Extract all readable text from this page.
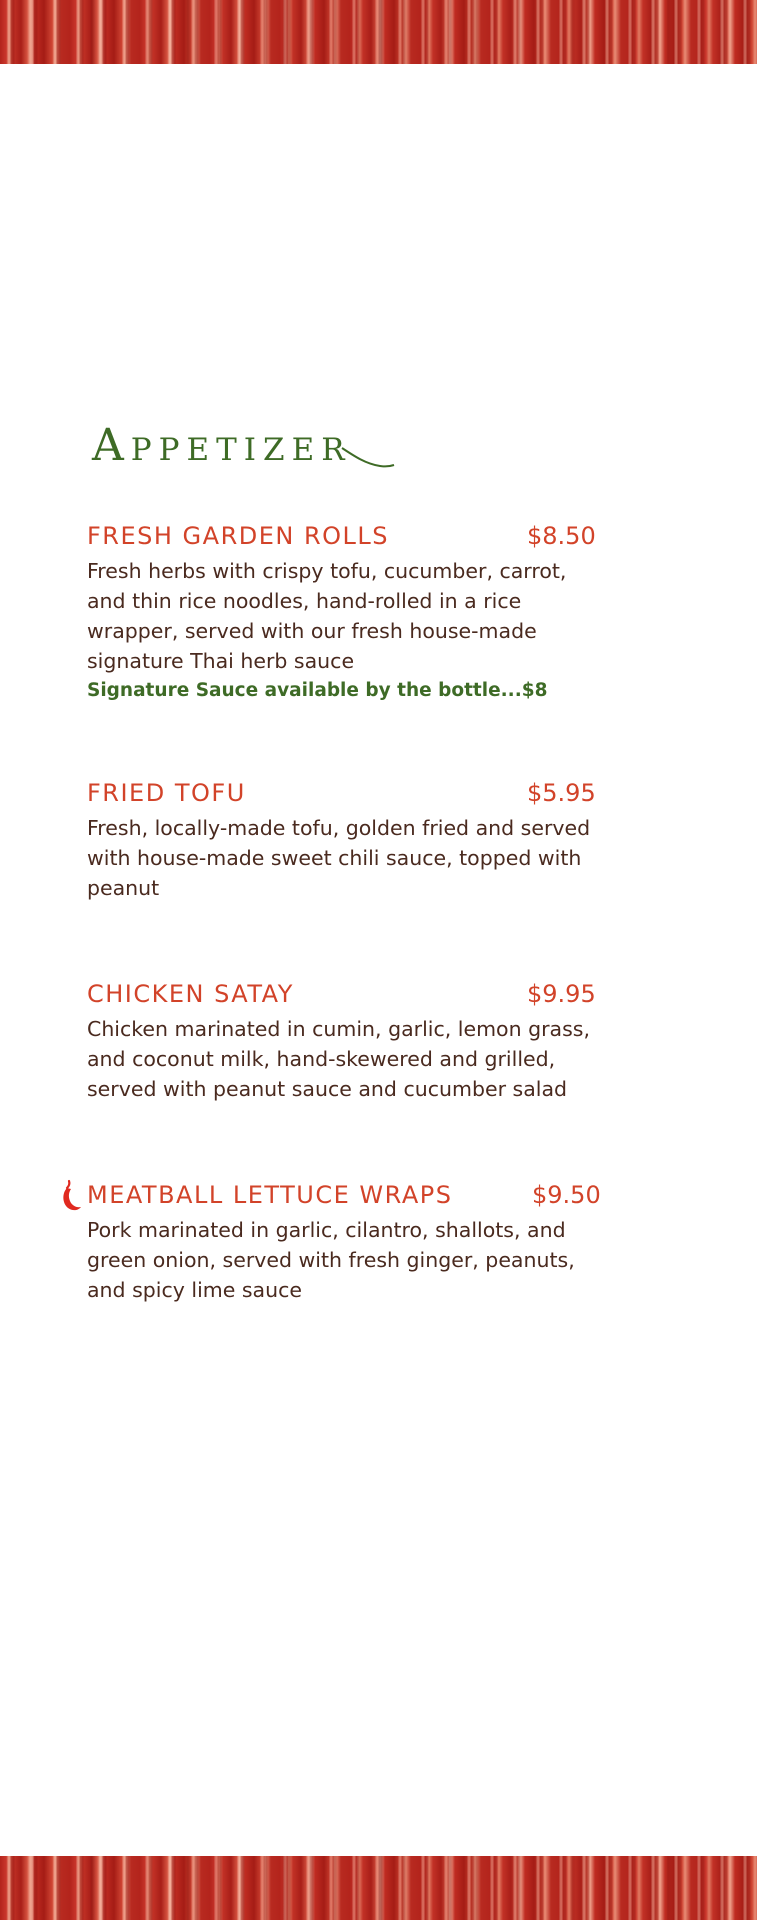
Appetizer
FRESH GARDEN ROLLS	$8.50

Fresh herbs with crispy tofu, cucumber, carrot, and thin rice noodles, hand-rolled in a rice wrapper, served with our fresh house-made signature Thai herb sauce

Signature Sauce available by the bottle...$8

FRIED TOFU	$5.95

Fresh, locally-made tofu, golden fried and served with house-made sweet chili sauce, topped with peanut

CHICKEN SATAY	$9.95

Chicken marinated in cumin, garlic, lemon grass, and coconut milk, hand-skewered and grilled, served with peanut sauce and cucumber salad

MEATBALL LETTUCE WRAPS	$9.50

Pork marinated in garlic, cilantro, shallots, and green onion, served with fresh ginger, peanuts, and spicy lime sauce
